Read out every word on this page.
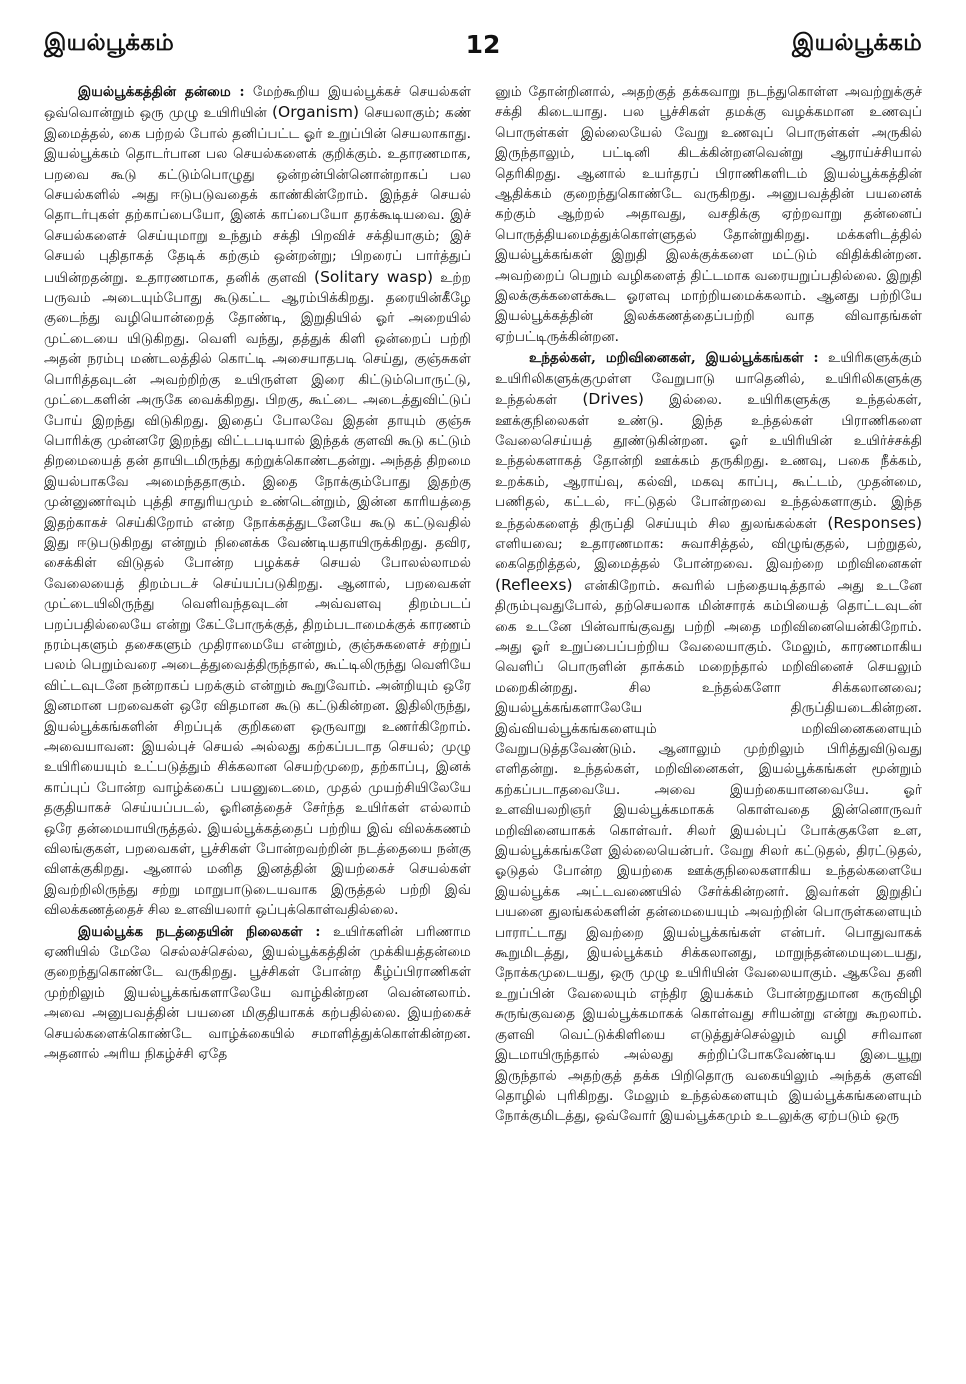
இயல்பூக்கம்	12	இயல்பூக்கம்

இயல்பூக்கத்தின் தன்மை : மேற்கூறிய இயல்பூக்கச் செயல்கள் ஒவ்வொன்றும் ஒரு முழு உயிரியின் (Organism) செயலாகும்; கண் இமைத்தல், கை பற்றல் போல் தனிப்பட்ட ஓர் உறுப்பின் செயலாகாது. இயல்பூக்கம் தொடர்பான பல செயல்களைக் குறிக்கும். உதாரணமாக, பறவை கூடு கட்டும்பொழுது ஒன்றன்பின்னொன்றாகப் பல செயல்களில் அது ஈடுபடுவதைக் காண்கின்றோம். இந்தச் செயல் தொடர்புகள் தற்காப்பையோ, இனக் காப்பையோ தரக்கூடியவை. இச் செயல்களைச் செய்யுமாறு உந்தும் சக்தி பிறவிச் சக்தியாகும்; இச் செயல் புதிதாகத் தேடிக் கற்கும் ஒன்றன்று; பிறரைப் பார்த்துப் பயின்றதன்று. உதாரணமாக, தனிக் குளவி (Solitary wasp) உற்ற பருவம் அடையும்போது கூடுகட்ட ஆரம்பிக்கிறது. தரையின்கீழே குடைந்து வழியொன்றைத் தோண்டி, இறுதியில் ஓர் அறையில் முட்டையை யிடுகிறது. வெளி வந்து, தத்துக் கிளி ஒன்றைப் பற்றி அதன் நரம்பு மண்டலத்தில் கொட்டி அசையாதபடி செய்து, குஞ்சுகள் பொரித்தவுடன் அவற்றிற்கு உயிருள்ள இரை கிட்டும்பொருட்டு, முட்டைகளின் அருகே வைக்கிறது. பிறகு, கூட்டை அடைத்துவிட்டுப் போய் இறந்து விடுகிறது. இதைப் போலவே இதன் தாயும் குஞ்சு பொரிக்கு முன்னரே இறந்து விட்டபடியால் இந்தக் குளவி கூடு கட்டும் திறமையைத் தன் தாயிடமிருந்து கற்றுக்கொண்டதன்று. அந்தத் திறமை இயல்பாகவே அமைந்ததாகும். இதை நோக்கும்போது இதற்கு முன்னுணர்வும் புத்தி சாதுரியமும் உண்டென்றும், இன்ன காரியத்தை இதற்காகச் செய்கிறோம் என்ற நோக்கத்துடனேயே கூடு கட்டுவதில் இது ஈடுபடுகிறது என்றும் நினைக்க வேண்டியதாயிருக்கிறது. தவிர, சைக்கிள் விடுதல் போன்ற பழக்கச் செயல் போலல்லாமல் வேலையைத் திறம்படச் செய்யப்படுகிறது. ஆனால், பறவைகள் முட்டையிலிருந்து வெளிவந்தவுடன் அவ்வளவு திறம்படப் பறப்பதில்லையே என்று கேட்போருக்குத், திறம்படாமைக்குக் காரணம் நரம்புகளும் தசைகளும் முதிராமையே என்றும், குஞ்சுகளைச் சற்றுப் பலம் பெறும்வரை அடைத்துவைத்திருந்தால், கூட்டிலிருந்து வெளியே விட்டவுடனே நன்றாகப் பறக்கும் என்றும் கூறுவோம். அன்றியும் ஒரே இனமான பறவைகள் ஒரே விதமான கூடு கட்டுகின்றன. இதிலிருந்து, இயல்பூக்கங்களின் சிறப்புக் குறிகளை ஒருவாறு உணர்கிறோம். அவையாவன: இயல்புச் செயல் அல்லது கற்கப்படாத செயல்; முழு உயிரியையும் உட்படுத்தும் சிக்கலான செயற்முறை, தற்காப்பு, இனக் காப்புப் போன்ற வாழ்க்கைப் பயனுடைமை, முதல் முயற்சியிலேயே தகுதியாகச் செய்யப்படல், ஓரினத்தைச் சேர்ந்த உயிர்கள் எல்லாம் ஒரே தன்மையாயிருத்தல். இயல்பூக்கத்தைப் பற்றிய இவ் விலக்கணம் விலங்குகள், பறவைகள், பூச்சிகள் போன்றவற்றின் நடத்தையை நன்கு விளக்குகிறது. ஆனால் மனித இனத்தின் இயற்கைச் செயல்கள் இவற்றிலிருந்து சற்று மாறுபாடுடையவாக இருத்தல் பற்றி இவ் விலக்கணத்தைச் சில உளவியலார் ஒப்புக்கொள்வதில்லை.

இயல்பூக்க நடத்தையின் நிலைகள் : உயிர்களின் பரிணாம ஏணியில் மேலே செல்லச்செல்ல, இயல்பூக்கத்தின் முக்கியத்தன்மை குறைந்துகொண்டே வருகிறது. பூச்சிகள் போன்ற கீழ்ப்பிராணிகள் முற்றிலும் இயல்பூக்கங்களாலேயே வாழ்கின்றன வென்னலாம். அவை அனுபவத்தின் பயனை மிகுதியாகக் கற்பதில்லை. இயற்கைச் செயல்களைக்கொண்டே வாழ்க்கையில் சமாளித்துக்கொள்கின்றன. அதனால் அரிய நிகழ்ச்சி ஏதே

னும் தோன்றினால், அதற்குத் தக்கவாறு நடந்துகொள்ள அவற்றுக்குச் சக்தி கிடையாது. பல பூச்சிகள் தமக்கு வழக்கமான உணவுப் பொருள்கள் இல்லையேல் வேறு உணவுப் பொருள்கள் அருகில் இருந்தாலும், பட்டினி கிடக்கின்றனவென்று ஆராய்ச்சியால் தெரிகிறது. ஆனால் உயர்தரப் பிராணிகளிடம் இயல்பூக்கத்தின் ஆதிக்கம் குறைந்துகொண்டே வருகிறது. அனுபவத்தின் பயனைக் கற்கும் ஆற்றல் அதாவது, வசதிக்கு ஏற்றவாறு தன்னைப் பொருத்தியமைத்துக்கொள்ளுதல் தோன்றுகிறது. மக்களிடத்தில் இயல்பூக்கங்கள் இறுதி இலக்குக்களை மட்டும் விதிக்கின்றன. அவற்றைப் பெறும் வழிகளைத் திட்டமாக வரையறுப்பதில்லை. இறுதி இலக்குக்களைக்கூட ஓரளவு மாற்றியமைக்கலாம். ஆனது பற்றியே இயல்பூக்கத்தின் இலக்கணத்தைப்பற்றி வாத விவாதங்கள் ஏற்பட்டிருக்கின்றன.

உந்தல்கள், மறிவினைகள், இயல்பூக்கங்கள் : உயிரிகளுக்கும் உயிரிலிகளுக்குமுள்ள வேறுபாடு யாதெனில், உயிரிலிகளுக்கு உந்தல்கள் (Drives) இல்லை. உயிரிகளுக்கு உந்தல்கள், ஊக்குநிலைகள் உண்டு. இந்த உந்தல்கள் பிராணிகளை வேலைசெய்யத் தூண்டுகின்றன. ஓர் உயிரியின் உயிர்ச்சக்தி உந்தல்களாகத் தோன்றி ஊக்கம் தருகிறது. உணவு, பகை நீக்கம், உறக்கம், ஆராய்வு, கல்வி, மகவு காப்பு, கூட்டம், முதன்மை, பணிதல், கட்டல், ஈட்டுதல் போன்றவை உந்தல்களாகும். இந்த உந்தல்களைத் திருப்தி செய்யும் சில துலங்கல்கள் (Responses) எளியவை; உதாரணமாக: சுவாசித்தல், விழுங்குதல், பற்றுதல், கைதெறித்தல், இமைத்தல் போன்றவை. இவற்றை மறிவினைகள் (Refleexs) என்கிறோம். சுவரில் பந்தையடித்தால் அது உடனே திரும்புவதுபோல், தற்செயலாக மின்சாரக் கம்பியைத் தொட்டவுடன் கை உடனே பின்வாங்குவது பற்றி அதை மறிவினையென்கிறோம். அது ஓர் உறுப்பைப்பற்றிய வேலையாகும். மேலும், காரணமாகிய வெளிப் பொருளின் தாக்கம் மறைந்தால் மறிவினைச் செயலும் மறைகின்றது. சில உந்தல்களோ சிக்கலானவை; இயல்பூக்கங்களாலேயே திருப்தியடைகின்றன. இவ்வியல்பூக்கங்களையும் மறிவினைகளையும் வேறுபடுத்தவேண்டும். ஆனாலும் முற்றிலும் பிரித்துவிடுவது எளிதன்று. உந்தல்கள், மறிவினைகள், இயல்பூக்கங்கள் மூன்றும் கற்கப்படாதவையே. அவை இயற்கையானவையே. ஓர் உளவியலறிஞர் இயல்பூக்கமாகக் கொள்வதை இன்னொருவர் மறிவினையாகக் கொள்வர். சிலர் இயல்புப் போக்குகளே உள, இயல்பூக்கங்களே இல்லையென்பர். வேறு சிலர் கட்டுதல், திரட்டுதல், ஓடுதல் போன்ற இயற்கை ஊக்குநிலைகளாகிய உந்தல்களையே இயல்பூக்க அட்டவணையில் சேர்க்கின்றனர். இவர்கள் இறுதிப் பயனை துலங்கல்களின் தன்மையையும் அவற்றின் பொருள்களையும் பாராட்டாது இவற்றை இயல்பூக்கங்கள் என்பர். பொதுவாகக் கூறுமிடத்து, இயல்பூக்கம் சிக்கலானது, மாறுந்தன்மையுடையது, நோக்கமுடையது, ஒரு முழு உயிரியின் வேலையாகும். ஆகவே தனி உறுப்பின் வேலையும் எந்திர இயக்கம் போன்றதுமான கருவிழி சுருங்குவதை இயல்பூக்கமாகக் கொள்வது சரியன்று என்று கூறலாம். குளவி வெட்டுக்கிளியை எடுத்துச்செல்லும் வழி சரிவான இடமாயிருந்தால் அல்லது சுற்றிப்போகவேண்டிய இடையூறு இருந்தால் அதற்குத் தக்க பிறிதொரு வகையிலும் அந்தக் குளவி தொழில் புரிகிறது. மேலும் உந்தல்களையும் இயல்பூக்கங்களையும் நோக்குமிடத்து, ஒவ்வோர் இயல்பூக்கமும் உடலுக்கு ஏற்படும் ஒரு
